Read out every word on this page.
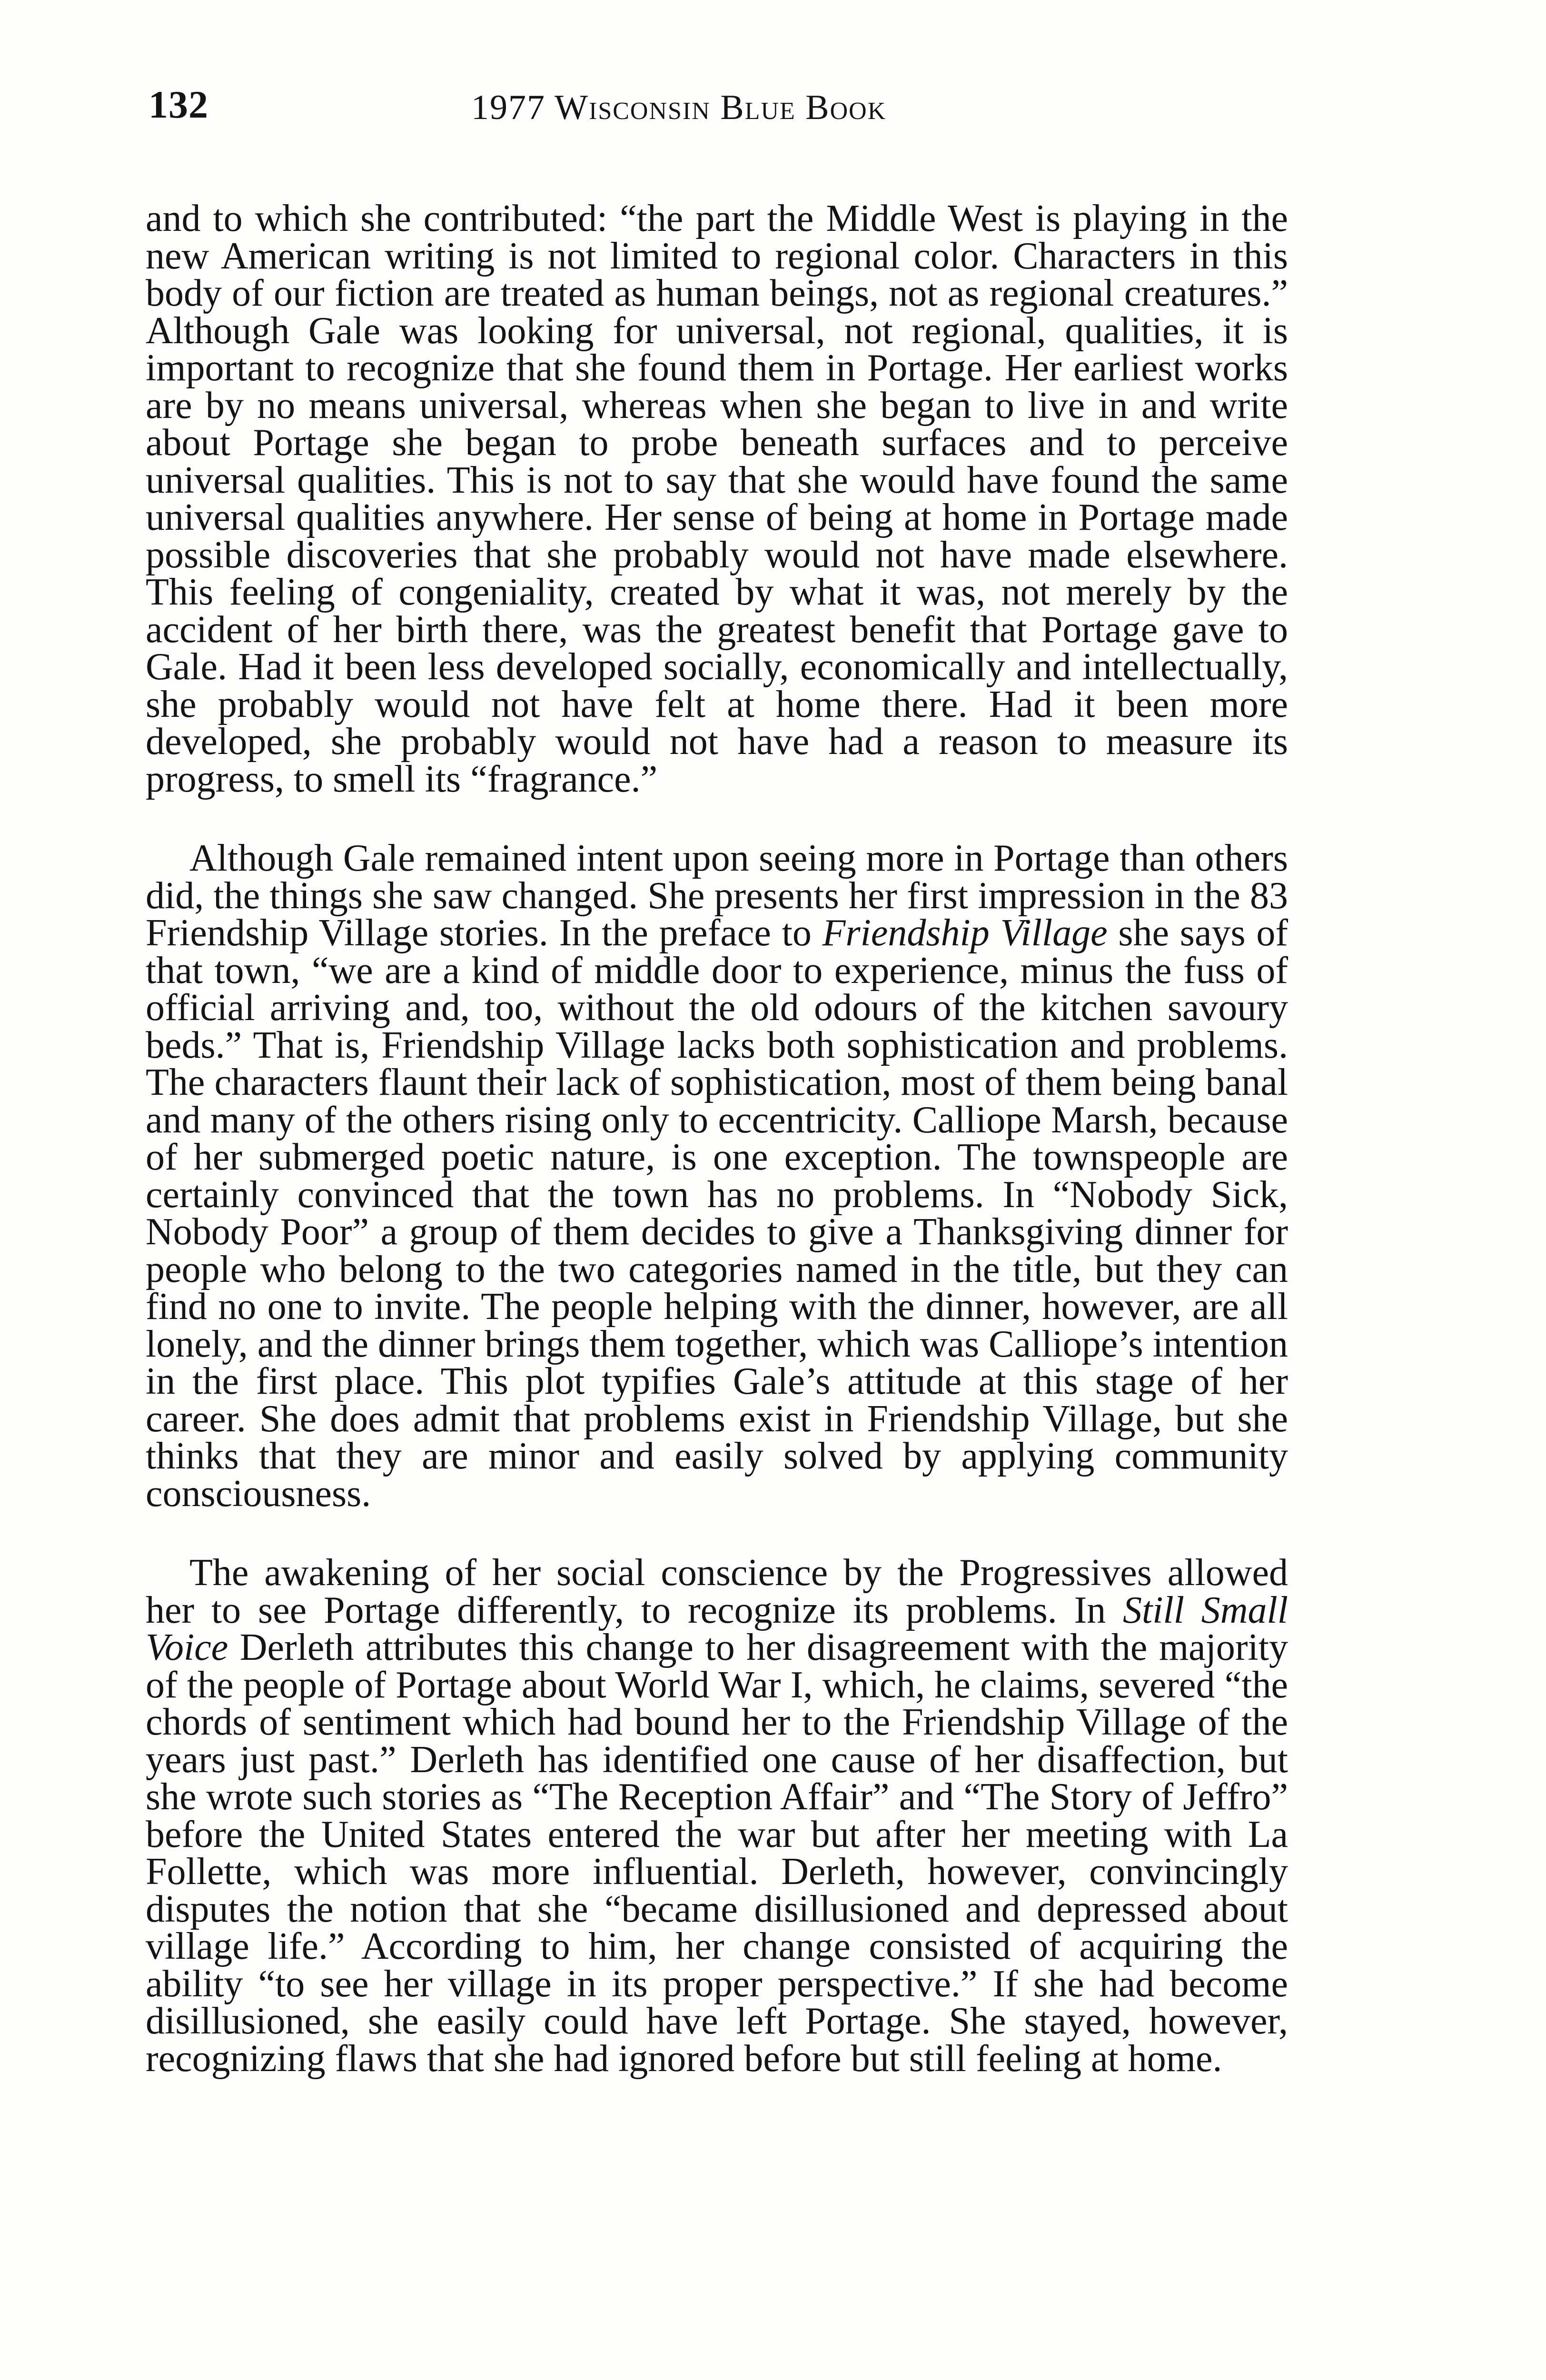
132	1977 Wisconsin Blue Book

and to which she contributed: “the part the Middle West is playing in the new American writing is not limited to regional color. Characters in this body of our fiction are treated as human beings, not as regional creatures.” Although Gale was looking for universal, not regional, qualities, it is important to recognize that she found them in Portage. Her earliest works are by no means universal, whereas when she began to live in and write about Portage she began to probe beneath surfaces and to perceive universal qualities. This is not to say that she would have found the same universal qualities anywhere. Her sense of being at home in Portage made possible discoveries that she probably would not have made elsewhere. This feeling of congeniality, created by what it was, not merely by the accident of her birth there, was the greatest benefit that Portage gave to Gale. Had it been less developed socially, economically and intellectually, she probably would not have felt at home there. Had it been more developed, she probably would not have had a reason to measure its progress, to smell its “fragrance.”

Although Gale remained intent upon seeing more in Portage than others did, the things she saw changed. She presents her first impression in the 83 Friendship Village stories. In the preface to Friendship Village she says of that town, “we are a kind of middle door to experience, minus the fuss of official arriving and, too, without the old odours of the kitchen savoury beds.” That is, Friendship Village lacks both sophistication and problems. The characters flaunt their lack of sophistication, most of them being banal and many of the others rising only to eccentricity. Calliope Marsh, because of her submerged poetic nature, is one exception. The townspeople are certainly convinced that the town has no problems. In “Nobody Sick, Nobody Poor” a group of them decides to give a Thanksgiving dinner for people who belong to the two categories named in the title, but they can find no one to invite. The people helping with the dinner, however, are all lonely, and the dinner brings them together, which was Calliope’s intention in the first place. This plot typifies Gale’s attitude at this stage of her career. She does admit that problems exist in Friendship Village, but she thinks that they are minor and easily solved by applying community consciousness.

The awakening of her social conscience by the Progressives allowed her to see Portage differently, to recognize its problems. In Still Small Voice Derleth attributes this change to her disagreement with the majority of the people of Portage about World War I, which, he claims, severed “the chords of sentiment which had bound her to the Friendship Village of the years just past.” Derleth has identified one cause of her disaffection, but she wrote such stories as “The Reception Affair” and “The Story of Jeffro” before the United States entered the war but after her meeting with La Follette, which was more influential. Derleth, however, convincingly disputes the notion that she “became disillusioned and depressed about village life.” According to him, her change consisted of acquiring the ability “to see her village in its proper perspective.” If she had become disillusioned, she easily could have left Portage. She stayed, however, recognizing flaws that she had ignored before but still feeling at home.
